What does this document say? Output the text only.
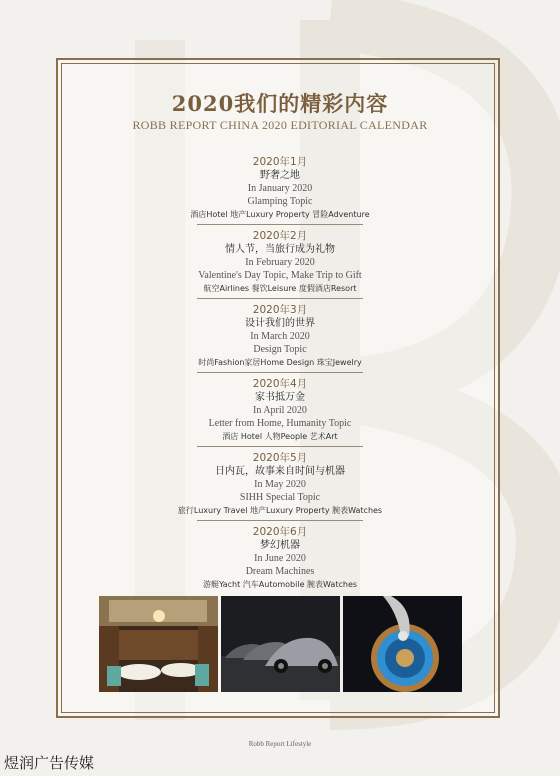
2020我们的精彩内容
ROBB REPORT CHINA 2020 EDITORIAL CALENDAR
2020年1月
野奢之地
In January 2020
Glamping Topic
酒店Hotel 地产Luxury Property 冒险Adventure
2020年2月
情人节，当旅行成为礼物
In February 2020
Valentine's Day Topic, Make Trip to Gift
航空Airlines 餐饮Leisure 度假酒店Resort
2020年3月
设计我们的世界
In March 2020
Design Topic
时尚Fashion家居Home Design 珠宝Jewelry
2020年4月
家书抵万金
In April 2020
Letter from Home, Humanity Topic
酒店 Hotel 人物People 艺术Art
2020年5月
日内瓦，故事来自时间与机器
In May 2020
SIHH Special Topic
旅行Luxury Travel 地产Luxury Property 腕表Watches
2020年6月
梦幻机器
In June 2020
Dream Machines
游艇Yacht 汽车Automobile 腕表Watches
Robb Report Lifestyle
煜润广告传媒
